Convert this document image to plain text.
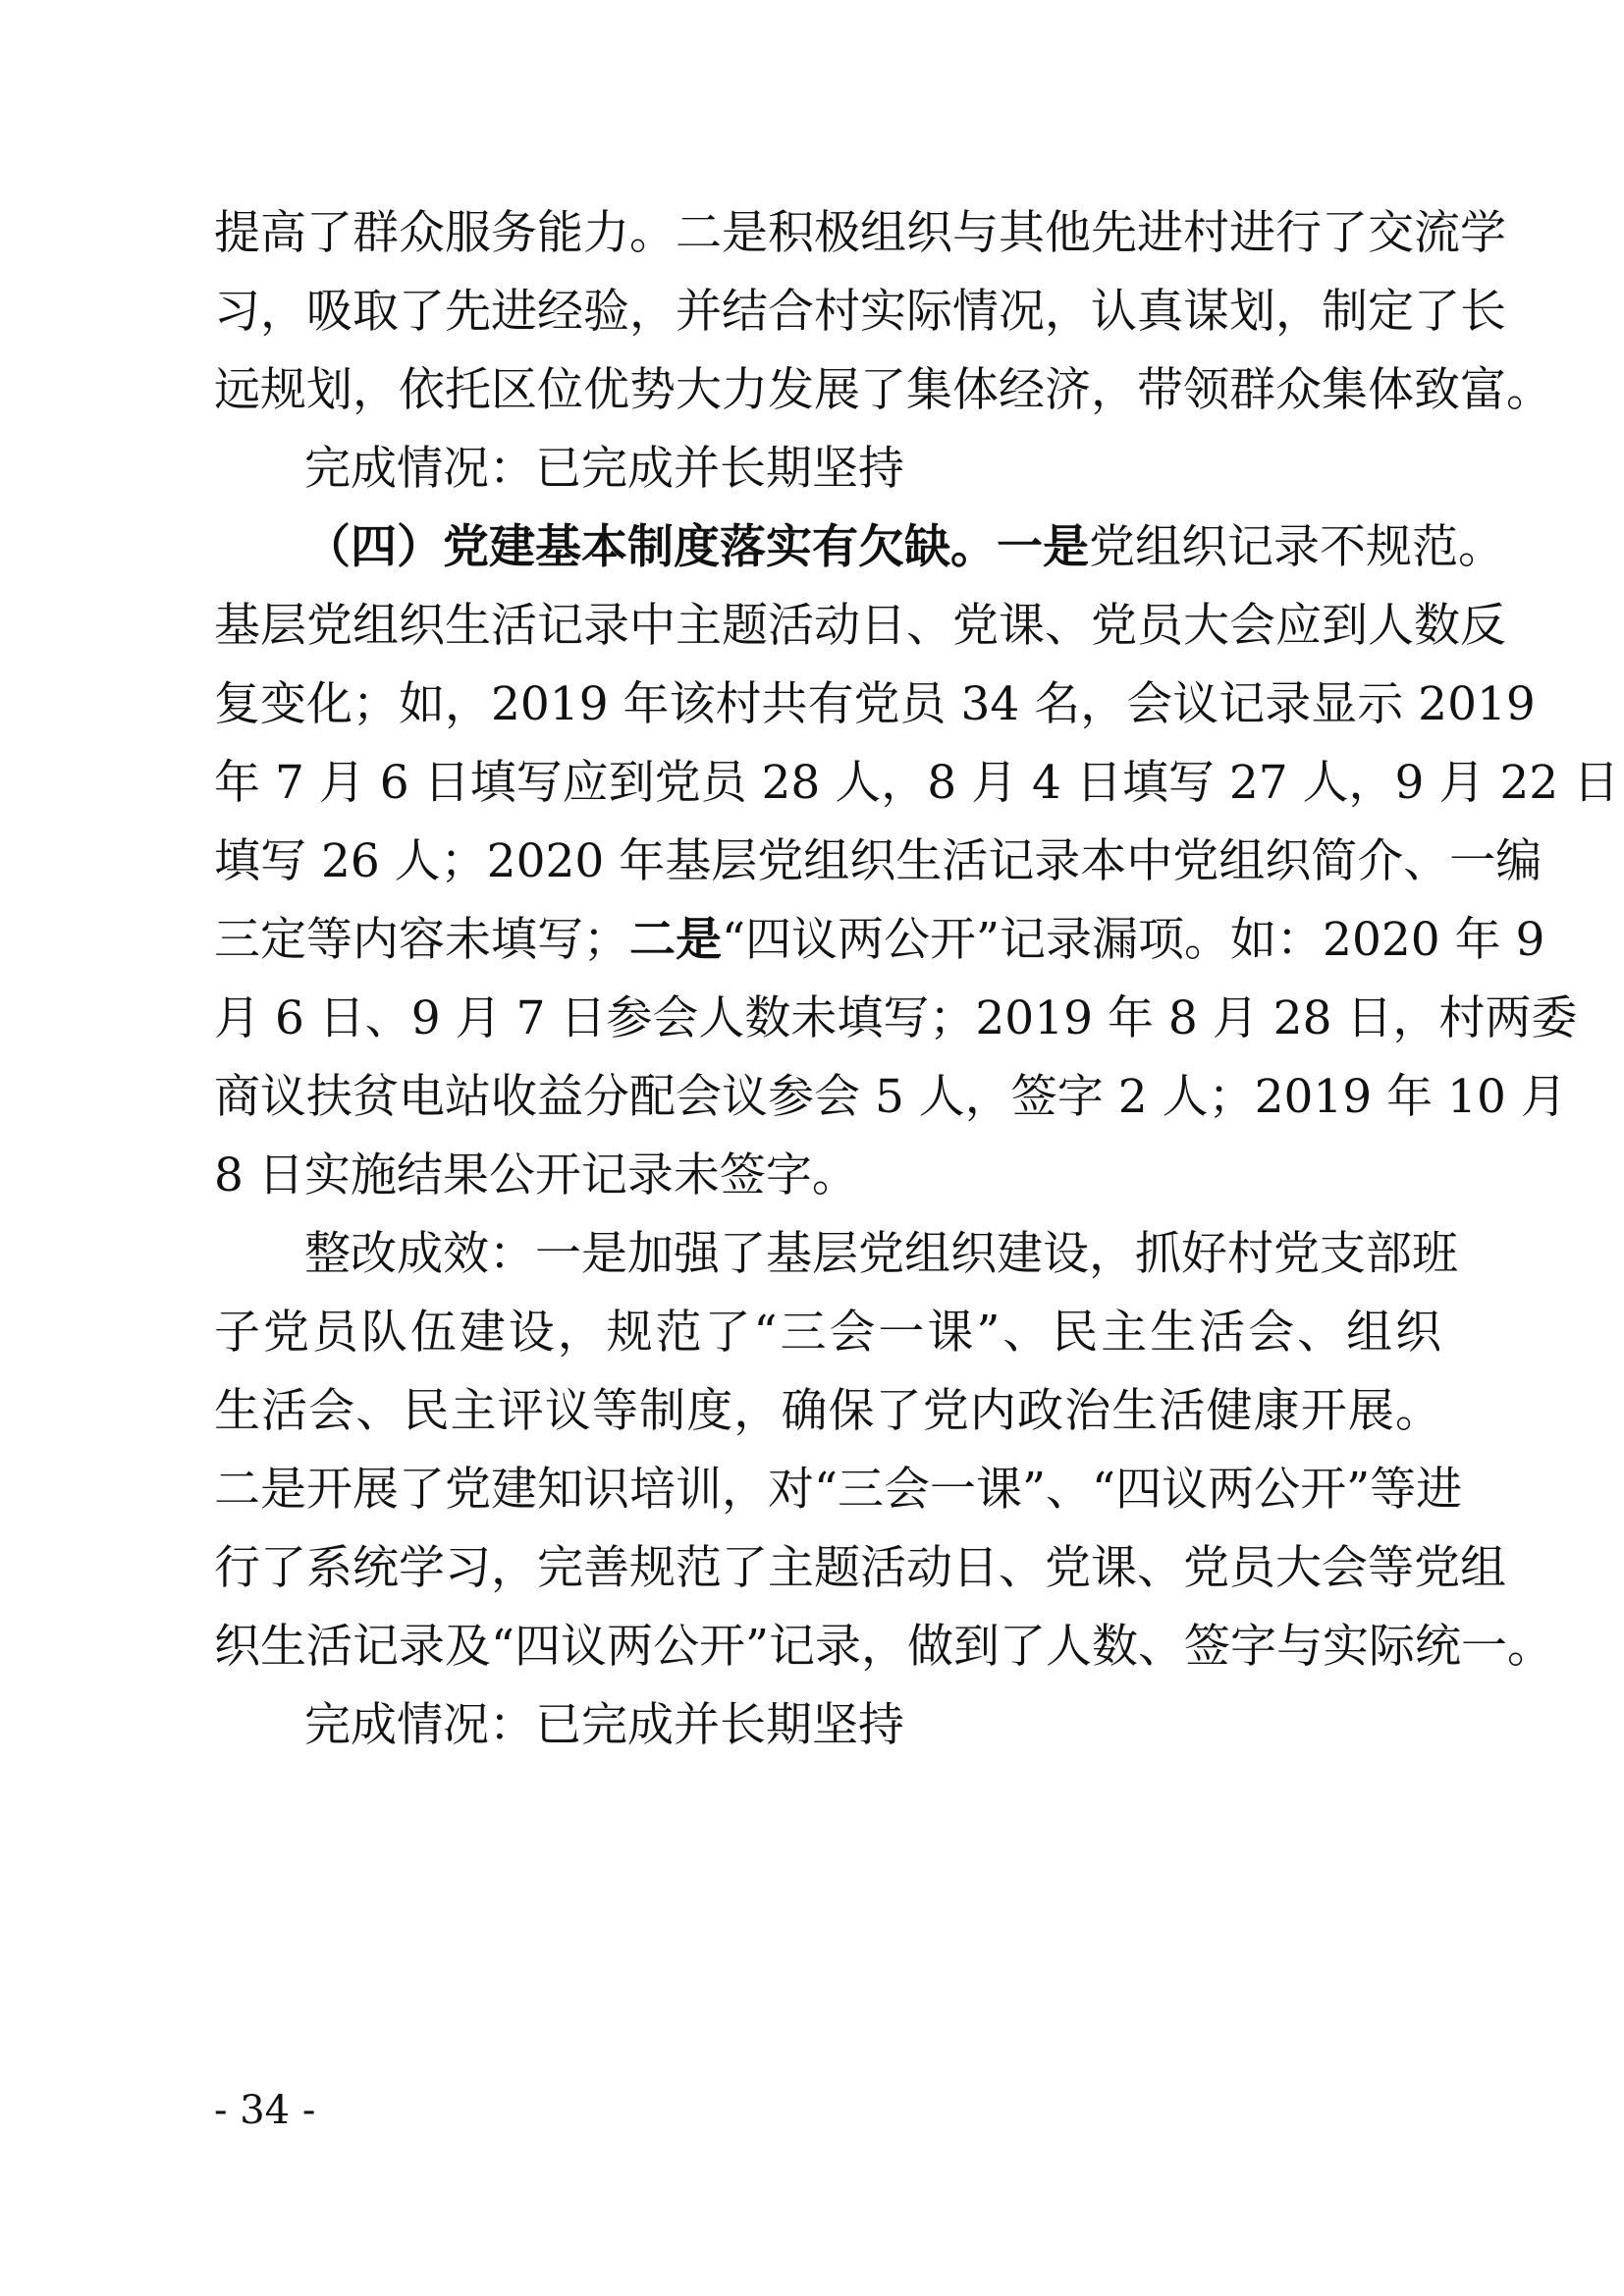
提高了群众服务能力。二是积极组织与其他先进村进行了交流学
习，吸取了先进经验，并结合村实际情况，认真谋划，制定了长
远规划，依托区位优势大力发展了集体经济，带领群众集体致富。
完成情况：已完成并长期坚持
（四）党建基本制度落实有欠缺。一是党组织记录不规范。
基层党组织生活记录中主题活动日、党课、党员大会应到人数反
复变化；如，2019 年该村共有党员 34 名，会议记录显示 2019
年 7 月 6 日填写应到党员 28 人，8 月 4 日填写 27 人，9 月 22 日
填写 26 人；2020 年基层党组织生活记录本中党组织简介、一编
三定等内容未填写；二是“四议两公开”记录漏项。如：2020 年 9
月 6 日、9 月 7 日参会人数未填写；2019 年 8 月 28 日，村两委
商议扶贫电站收益分配会议参会 5 人，签字 2 人；2019 年 10 月
8 日实施结果公开记录未签字。
整改成效：一是加强了基层党组织建设，抓好村党支部班
子党员队伍建设，规范了“三会一课”、民主生活会、组织
生活会、民主评议等制度，确保了党内政治生活健康开展。
二是开展了党建知识培训，对“三会一课”、“四议两公开”等进
行了系统学习，完善规范了主题活动日、党课、党员大会等党组
织生活记录及“四议两公开”记录，做到了人数、签字与实际统一。
完成情况：已完成并长期坚持
- 34 -
